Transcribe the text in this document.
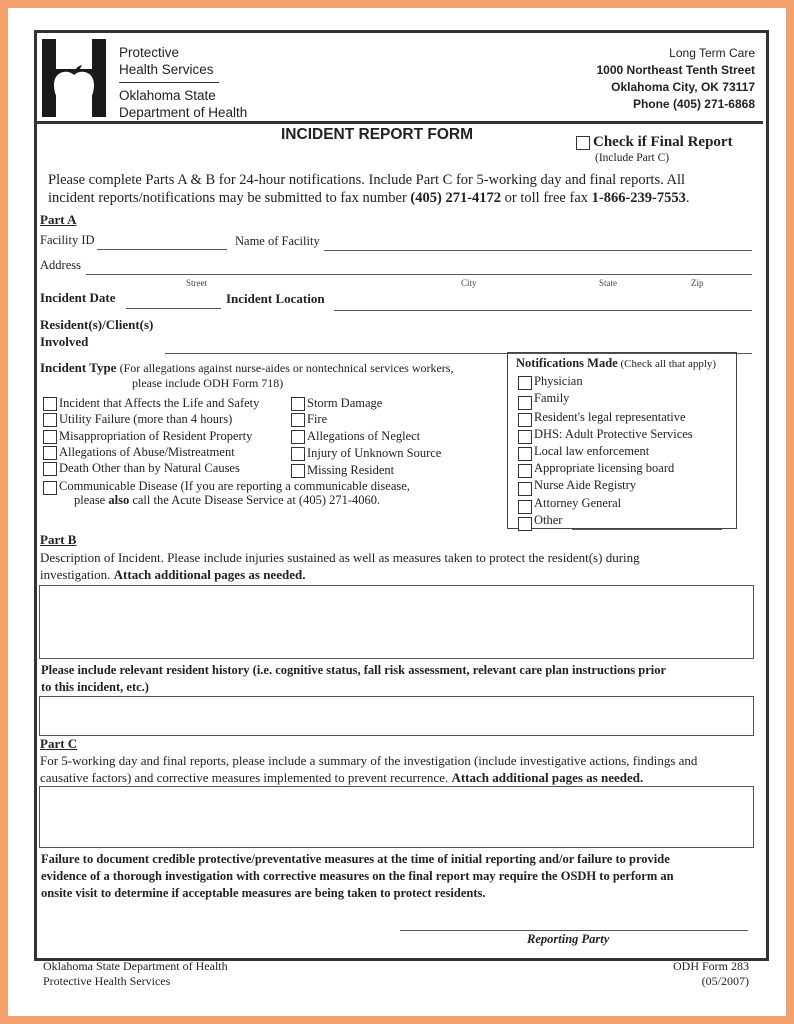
Protective
Health Services
Oklahoma State
Department of Health
Long Term Care
1000 Northeast Tenth Street
Oklahoma City, OK 73117
Phone (405) 271-6868
INCIDENT REPORT FORM	Check if Final Report
(Include Part C)
Please complete Parts A & B for 24-hour notifications. Include Part C for 5-working day and final reports. All
incident reports/notifications may be submitted to fax number (405) 271-4172 or toll free fax 1-866-239-7553.
Part A
Facility ID	Name of Facility
Address
Street	City	State	Zip
Incident Date	Incident Location
Resident(s)/Client(s)
Involved
Incident Type (For allegations against nurse-aides or nontechnical services workers,
please include ODH Form 718)
Incident that Affects the Life and Safety
Utility Failure (more than 4 hours)
Misappropriation of Resident Property
Allegations of Abuse/Mistreatment
Death Other than by Natural Causes
Communicable Disease (If you are reporting a communicable disease,
please also call the Acute Disease Service at (405) 271-4060.
Storm Damage
Fire
Allegations of Neglect
Injury of Unknown Source
Missing Resident
Notifications Made (Check all that apply)
Physician
Family
Resident's legal representative
DHS: Adult Protective Services
Local law enforcement
Appropriate licensing board
Nurse Aide Registry
Attorney General
Other
Part B
Description of Incident. Please include injuries sustained as well as measures taken to protect the resident(s) during
investigation. Attach additional pages as needed.
Please include relevant resident history (i.e. cognitive status, fall risk assessment, relevant care plan instructions prior
to this incident, etc.)
Part C
For 5-working day and final reports, please include a summary of the investigation (include investigative actions, findings and
causative factors) and corrective measures implemented to prevent recurrence. Attach additional pages as needed.
Failure to document credible protective/preventative measures at the time of initial reporting and/or failure to provide
evidence of a thorough investigation with corrective measures on the final report may require the OSDH to perform an
onsite visit to determine if acceptable measures are being taken to protect residents.
Reporting Party
Oklahoma State Department of Health
Protective Health Services
ODH Form 283
(05/2007)
